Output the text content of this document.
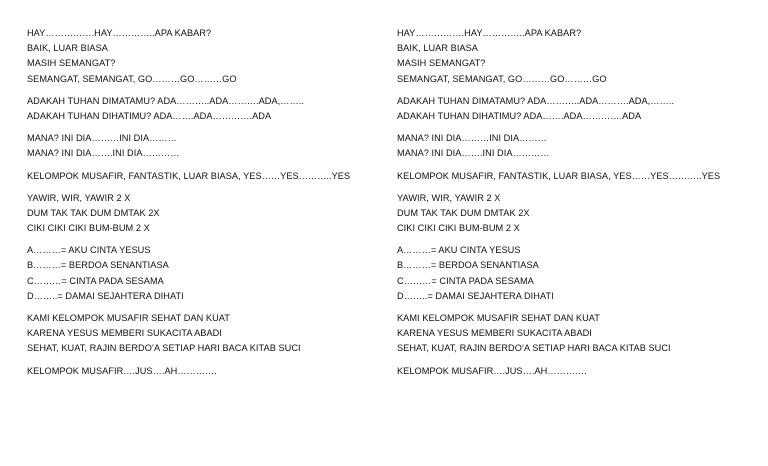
HAY…………….HAY…………..APA KABAR?
BAIK, LUAR BIASA
MASIH SEMANGAT?
SEMANGAT, SEMANGAT, GO………GO………GO
ADAKAH TUHAN DIMATAMU? ADA………..ADA……….ADA,……..
ADAKAH TUHAN DIHATIMU? ADA…….ADA………….ADA
MANA? INI DIA………INI DIA………
MANA? INI DIA…….INI DIA…………
KELOMPOK MUSAFIR, FANTASTIK, LUAR BIASA, YES……YES………..YES
YAWIR, WIR, YAWIR 2 X
DUM TAK TAK DUM DMTAK 2X
CIKI CIKI CIKI BUM-BUM 2 X
A………= AKU CINTA YESUS
B………= BERDOA SENANTIASA
C………= CINTA PADA SESAMA
D……..= DAMAI SEJAHTERA DIHATI
KAMI KELOMPOK MUSAFIR SEHAT DAN KUAT
KARENA YESUS MEMBERI SUKACITA ABADI
SEHAT, KUAT, RAJIN BERDO’A SETIAP HARI BACA KITAB SUCI
KELOMPOK MUSAFIR….JUS….AH………….
HAY…………….HAY…………..APA KABAR?
BAIK, LUAR BIASA
MASIH SEMANGAT?
SEMANGAT, SEMANGAT, GO………GO………GO
ADAKAH TUHAN DIMATAMU? ADA………..ADA……….ADA,……..
ADAKAH TUHAN DIHATIMU? ADA…….ADA………….ADA
MANA? INI DIA………INI DIA………
MANA? INI DIA…….INI DIA…………
KELOMPOK MUSAFIR, FANTASTIK, LUAR BIASA, YES……YES………..YES
YAWIR, WIR, YAWIR 2 X
DUM TAK TAK DUM DMTAK 2X
CIKI CIKI CIKI BUM-BUM 2 X
A………= AKU CINTA YESUS
B………= BERDOA SENANTIASA
C………= CINTA PADA SESAMA
D……..= DAMAI SEJAHTERA DIHATI
KAMI KELOMPOK MUSAFIR SEHAT DAN KUAT
KARENA YESUS MEMBERI SUKACITA ABADI
SEHAT, KUAT, RAJIN BERDO’A SETIAP HARI BACA KITAB SUCI
KELOMPOK MUSAFIR….JUS….AH………….
